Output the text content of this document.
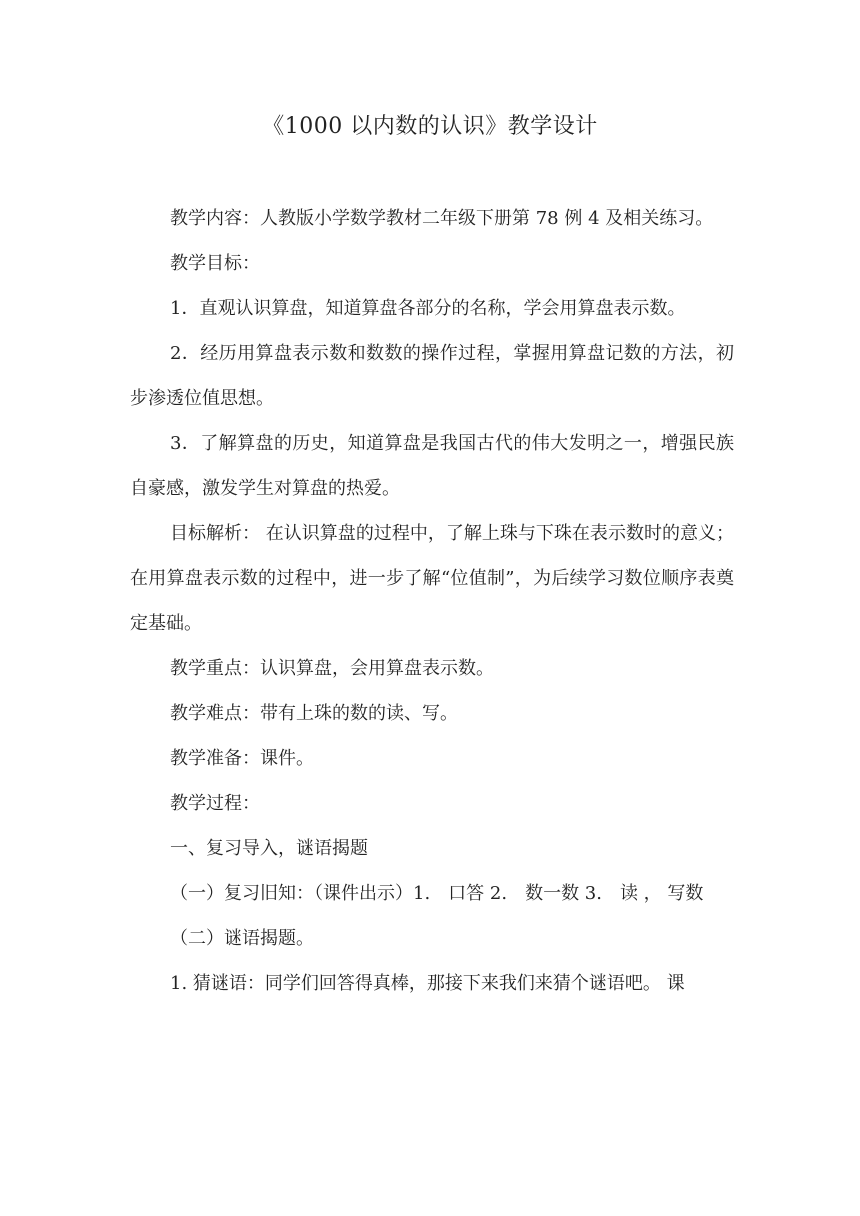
《1000 以内数的认识》教学设计

教学内容：人教版小学数学教材二年级下册第 78 例 4 及相关练习。

教学目标：

1．直观认识算盘，知道算盘各部分的名称，学会用算盘表示数。

2．经历用算盘表示数和数数的操作过程，掌握用算盘记数的方法，初步渗透位值思想。

3．了解算盘的历史，知道算盘是我国古代的伟大发明之一，增强民族自豪感，激发学生对算盘的热爱。

目标解析： 在认识算盘的过程中，了解上珠与下珠在表示数时的意义；在用算盘表示数的过程中，进一步了解“位值制”，为后续学习数位顺序表奠定基础。

教学重点：认识算盘，会用算盘表示数。

教学难点：带有上珠的数的读、写。

教学准备：课件。

教学过程：

一、复习导入，谜语揭题

（一）复习旧知：（课件出示）1.　口答 2.　数一数 3.　读 ， 写数

（二）谜语揭题。

1. 猜谜语：同学们回答得真棒，那接下来我们来猜个谜语吧。 课
